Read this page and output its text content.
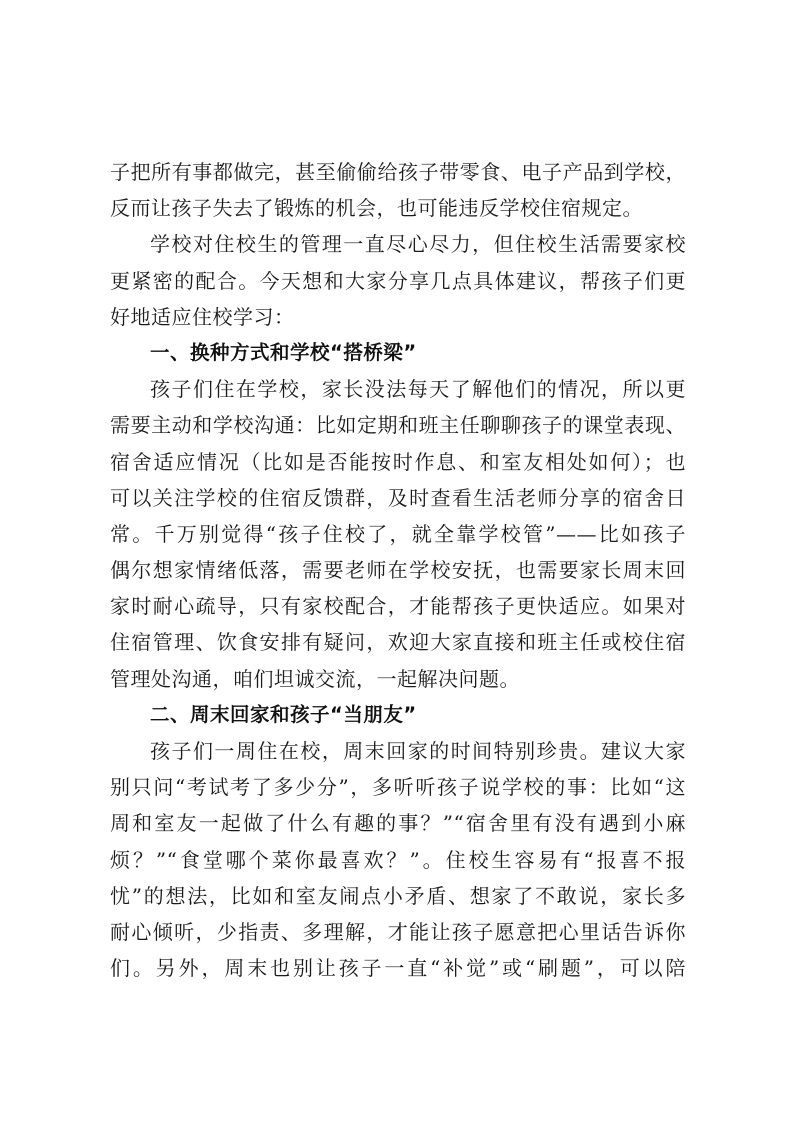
子把所有事都做完，甚至偷偷给孩子带零食、电子产品到学校，
反而让孩子失去了锻炼的机会，也可能违反学校住宿规定。
学校对住校生的管理一直尽心尽力，但住校生活需要家校
更紧密的配合。今天想和大家分享几点具体建议，帮孩子们更
好地适应住校学习：
一、换种方式和学校“搭桥梁”
孩子们住在学校，家长没法每天了解他们的情况，所以更
需要主动和学校沟通：比如定期和班主任聊聊孩子的课堂表现、
宿舍适应情况（比如是否能按时作息、和室友相处如何）；也
可以关注学校的住宿反馈群，及时查看生活老师分享的宿舍日
常。千万别觉得“孩子住校了，就全靠学校管”——比如孩子
偶尔想家情绪低落，需要老师在学校安抚，也需要家长周末回
家时耐心疏导，只有家校配合，才能帮孩子更快适应。如果对
住宿管理、饮食安排有疑问，欢迎大家直接和班主任或校住宿
管理处沟通，咱们坦诚交流，一起解决问题。
二、周末回家和孩子“当朋友”
孩子们一周住在校，周末回家的时间特别珍贵。建议大家
别只问“考试考了多少分”，多听听孩子说学校的事：比如“这
周和室友一起做了什么有趣的事？”“宿舍里有没有遇到小麻
烦？”“食堂哪个菜你最喜欢？”。住校生容易有“报喜不报
忧”的想法，比如和室友闹点小矛盾、想家了不敢说，家长多
耐心倾听，少指责、多理解，才能让孩子愿意把心里话告诉你
们。另外，周末也别让孩子一直“补觉”或“刷题”，可以陪
